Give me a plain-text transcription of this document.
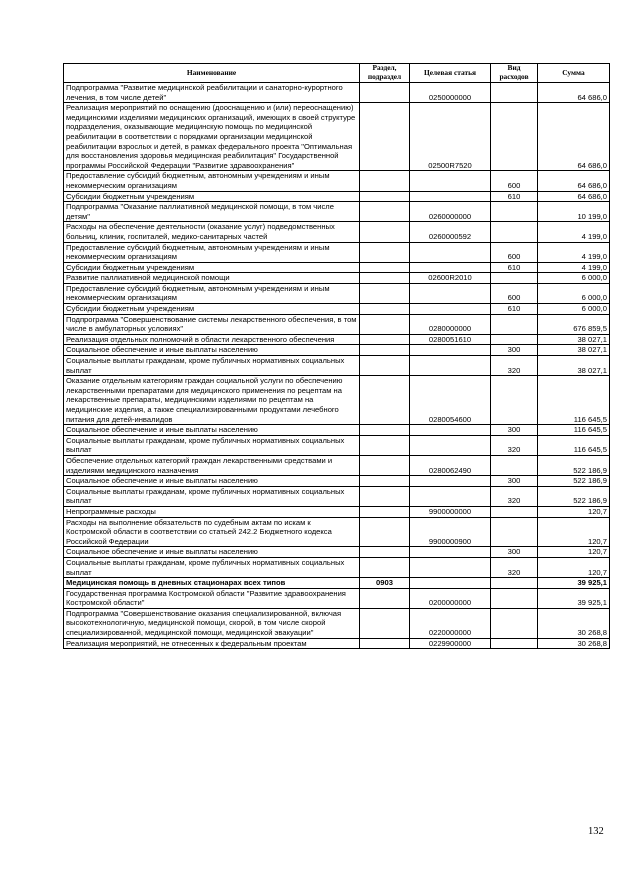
Наименование	Раздел, подраздел	Целевая статья	Вид расходов	Сумма
Подпрограмма "Развитие медицинской реабилитации и санаторно-курортного лечения, в том числе детей"		0250000000		64 686,0
Реализация мероприятий по оснащению (дооснащению и (или) переоснащению) медицинскими изделиями медицинских организаций, имеющих в своей структуре подразделения, оказывающие медицинскую помощь по медицинской реабилитации в соответствии с порядками организации медицинской реабилитации взрослых и детей, в рамках федерального проекта "Оптимальная для восстановления здоровья медицинская реабилитация" Государственной программы Российской Федерации "Развитие здравоохранения"		02500R7520		64 686,0
Предоставление субсидий бюджетным, автономным учреждениям и иным некоммерческим организациям			600	64 686,0
Субсидии бюджетным учреждениям			610	64 686,0
Подпрограмма "Оказание паллиативной медицинской помощи, в том числе детям"		0260000000		10 199,0
Расходы на обеспечение деятельности (оказание услуг) подведомственных больниц, клиник, госпиталей, медико-санитарных частей		0260000592		4 199,0
Предоставление субсидий бюджетным, автономным учреждениям и иным некоммерческим организациям			600	4 199,0
Субсидии бюджетным учреждениям			610	4 199,0
Развитие паллиативной медицинской помощи		02600R2010		6 000,0
Предоставление субсидий бюджетным, автономным учреждениям и иным некоммерческим организациям			600	6 000,0
Субсидии бюджетным учреждениям			610	6 000,0
Подпрограмма "Совершенствование системы лекарственного обеспечения, в том числе в амбулаторных условиях"		0280000000		676 859,5
Реализация отдельных полномочий в области лекарственного обеспечения		0280051610		38 027,1
Социальное обеспечение и иные выплаты населению			300	38 027,1
Социальные выплаты гражданам, кроме публичных нормативных социальных выплат			320	38 027,1
Оказание отдельным категориям граждан социальной услуги по обеспечению лекарственными препаратами для медицинского применения по рецептам на лекарственные препараты, медицинскими изделиями по рецептам на медицинские изделия, а также специализированными продуктами лечебного питания для детей-инвалидов		0280054600		116 645,5
Социальное обеспечение и иные выплаты населению			300	116 645,5
Социальные выплаты гражданам, кроме публичных нормативных социальных выплат			320	116 645,5
Обеспечение отдельных категорий граждан лекарственными средствами и изделиями медицинского назначения		0280062490		522 186,9
Социальное обеспечение и иные выплаты населению			300	522 186,9
Социальные выплаты гражданам, кроме публичных нормативных социальных выплат			320	522 186,9
Непрограммные расходы		9900000000		120,7
Расходы на выполнение обязательств по судебным актам по искам к Костромской области в соответствии со статьей 242.2 Бюджетного кодекса Российской Федерации		9900000900		120,7
Социальное обеспечение и иные выплаты населению			300	120,7
Социальные выплаты гражданам, кроме публичных нормативных социальных выплат			320	120,7
Медицинская помощь в дневных стационарах всех типов	0903			39 925,1
Государственная программа Костромской области "Развитие здравоохранения Костромской области"		0200000000		39 925,1
Подпрограмма "Совершенствование оказания специализированной, включая высокотехнологичную, медицинской помощи, скорой, в том числе скорой специализированной, медицинской помощи, медицинской эвакуации"		0220000000		30 268,8
Реализация мероприятий, не отнесенных к федеральным проектам		0229900000		30 268,8
132
